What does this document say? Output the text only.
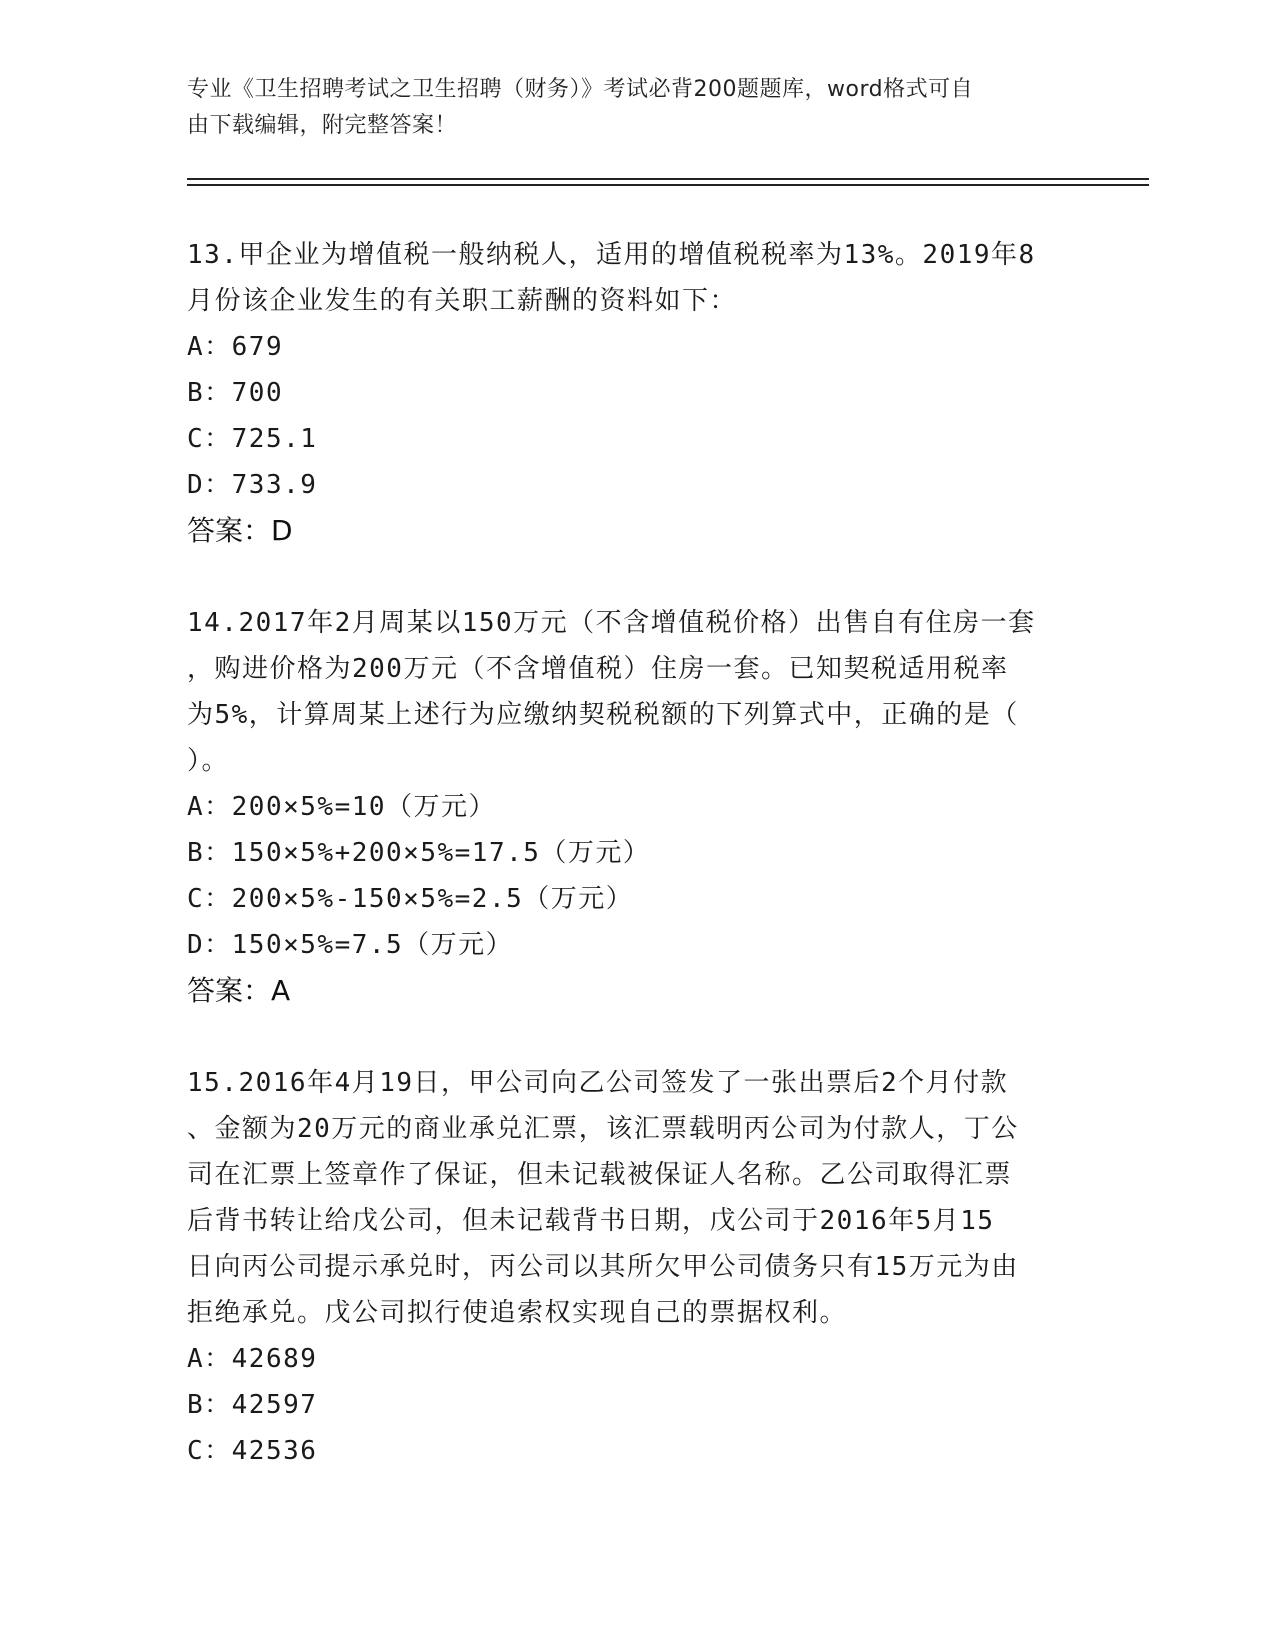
专业《卫生招聘考试之卫生招聘（财务）》考试必背200题题库，word格式可自
由下载编辑，附完整答案！
13.甲企业为增值税一般纳税人，适用的增值税税率为13%。2019年8
月份该企业发生的有关职工薪酬的资料如下：
A：679
B：700
C：725.1
D：733.9
答案：D
14.2017年2月周某以150万元（不含增值税价格）出售自有住房一套
，购进价格为200万元（不含增值税）住房一套。已知契税适用税率
为5%，计算周某上述行为应缴纳契税税额的下列算式中，正确的是（
）。
A：200×5%=10（万元）
B：150×5%+200×5%=17.5（万元）
C：200×5%-150×5%=2.5（万元）
D：150×5%=7.5（万元）
答案：A
15.2016年4月19日，甲公司向乙公司签发了一张出票后2个月付款
、金额为20万元的商业承兑汇票，该汇票载明丙公司为付款人，丁公
司在汇票上签章作了保证，但未记载被保证人名称。乙公司取得汇票
后背书转让给戊公司，但未记载背书日期，戊公司于2016年5月15
日向丙公司提示承兑时，丙公司以其所欠甲公司债务只有15万元为由
拒绝承兑。戊公司拟行使追索权实现自己的票据权利。
A：42689
B：42597
C：42536
